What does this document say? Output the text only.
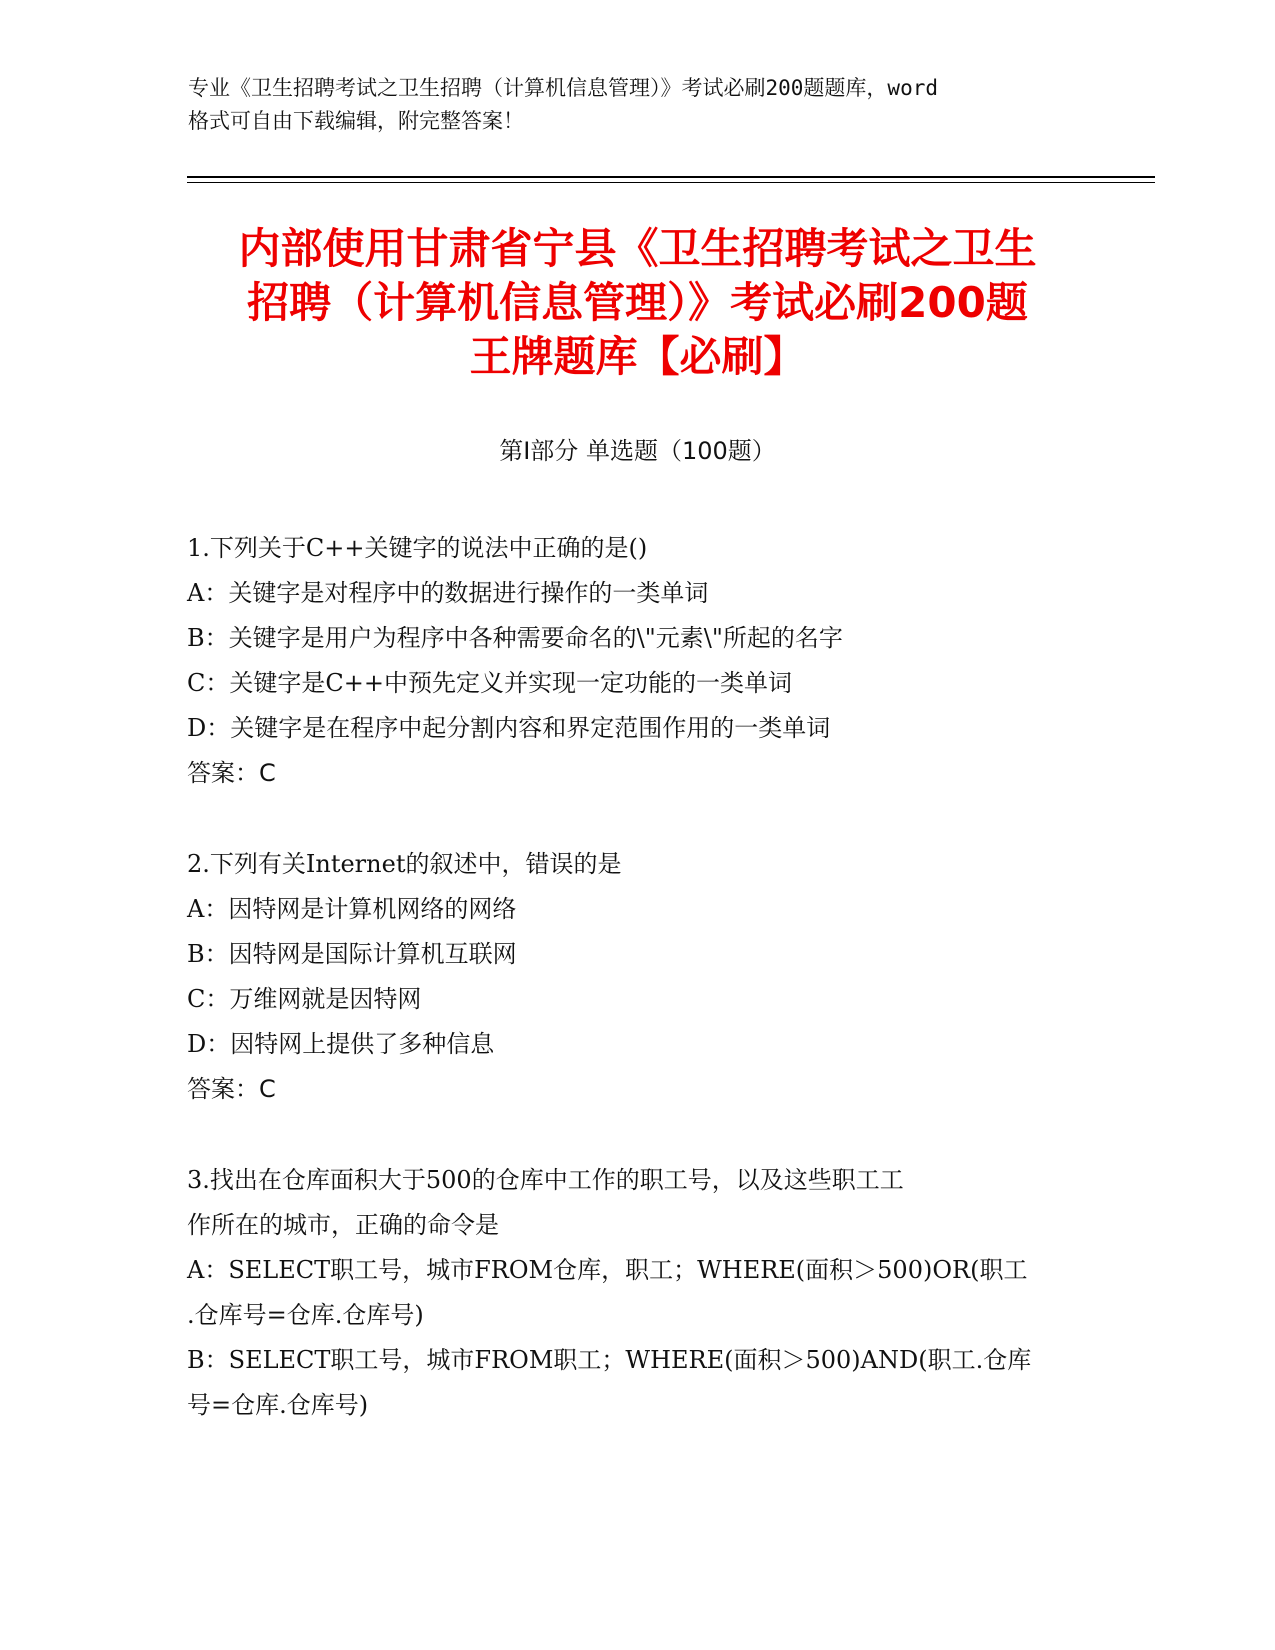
专业《卫生招聘考试之卫生招聘（计算机信息管理）》考试必刷200题题库，word
格式可自由下载编辑，附完整答案！
内部使用甘肃省宁县《卫生招聘考试之卫生
招聘（计算机信息管理）》考试必刷200题
王牌题库【必刷】
第Ⅰ部分 单选题（100题）
1.下列关于C++关键字的说法中正确的是()
A：关键字是对程序中的数据进行操作的一类单词
B：关键字是用户为程序中各种需要命名的\"元素\"所起的名字
C：关键字是C++中预先定义并实现一定功能的一类单词
D：关键字是在程序中起分割内容和界定范围作用的一类单词
答案：C
2.下列有关Internet的叙述中，错误的是
A：因特网是计算机网络的网络
B：因特网是国际计算机互联网
C：万维网就是因特网
D：因特网上提供了多种信息
答案：C
3.找出在仓库面积大于500的仓库中工作的职工号，以及这些职工工
作所在的城市，正确的命令是
A：SELECT职工号，城市FROM仓库，职工；WHERE(面积＞500)OR(职工
.仓库号=仓库.仓库号)
B：SELECT职工号，城市FROM职工；WHERE(面积＞500)AND(职工.仓库
号=仓库.仓库号)
